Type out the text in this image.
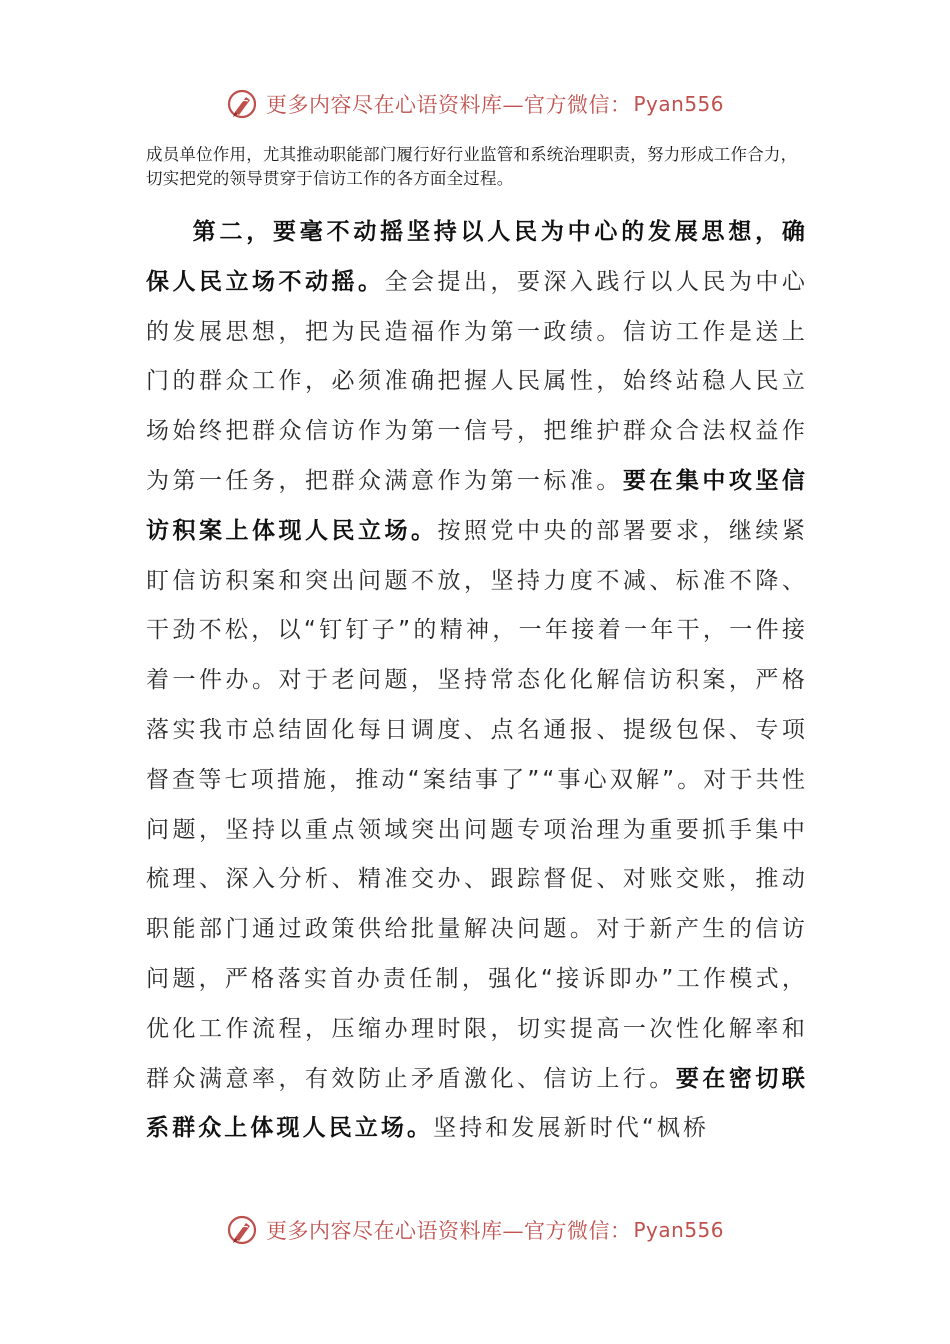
更多内容尽在心语资料库—官方微信： Pyan556

成员单位作用，尤其推动职能部门履行好行业监管和系统治理职责，努力形成工作合力，切实把党的领导贯穿于信访工作的各方面全过程。

第二，要毫不动摇坚持以人民为中心的发展思想，确保人民立场不动摇。全会提出，要深入践行以人民为中心的发展思想，把为民造福作为第一政绩。信访工作是送上门的群众工作，必须准确把握人民属性，始终站稳人民立场始终把群众信访作为第一信号，把维护群众合法权益作为第一任务，把群众满意作为第一标准。要在集中攻坚信访积案上体现人民立场。按照党中央的部署要求，继续紧盯信访积案和突出问题不放，坚持力度不减、标准不降、干劲不松，以“钉钉子”的精神，一年接着一年干，一件接着一件办。对于老问题，坚持常态化化解信访积案，严格落实我市总结固化每日调度、点名通报、提级包保、专项督查等七项措施，推动“案结事了”“事心双解”。对于共性问题，坚持以重点领域突出问题专项治理为重要抓手集中梳理、深入分析、精准交办、跟踪督促、对账交账，推动职能部门通过政策供给批量解决问题。对于新产生的信访问题，严格落实首办责任制，强化“接诉即办”工作模式，优化工作流程，压缩办理时限，切实提高一次性化解率和群众满意率，有效防止矛盾激化、信访上行。要在密切联系群众上体现人民立场。坚持和发展新时代“枫桥

更多内容尽在心语资料库—官方微信： Pyan556
